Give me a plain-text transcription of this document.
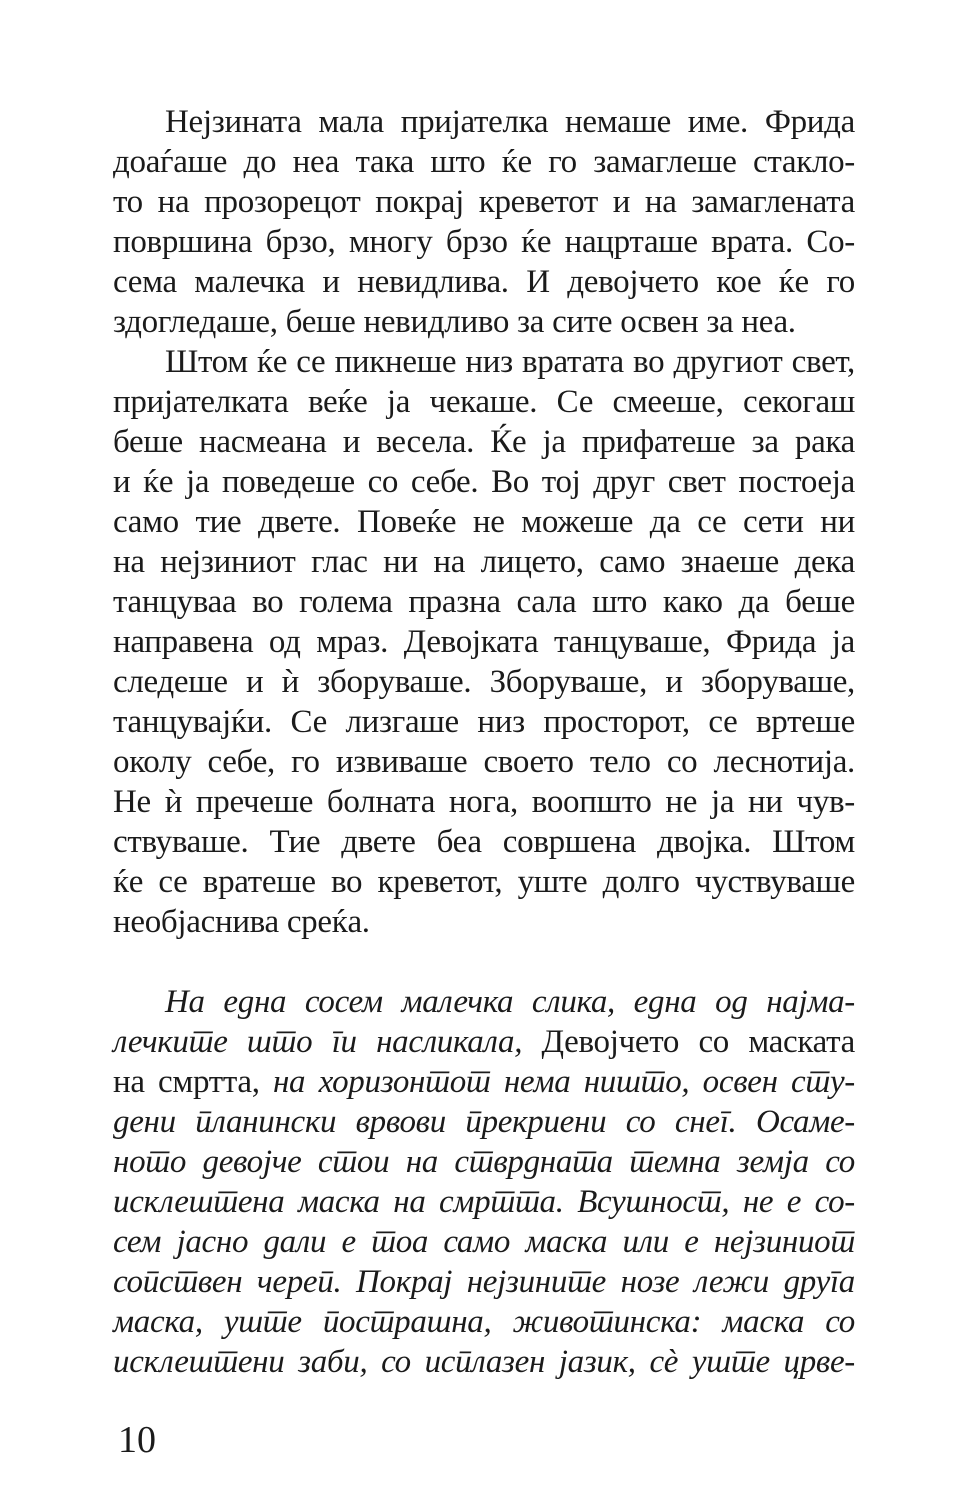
Нејзината мала пријателка немаше име. Фрида
доаѓаше до неа така што ќе го замаглеше стакло-
то на прозорецот покрај креветот и на замаглената
површина брзо, многу брзо ќе нацрташе врата. Со-
сема малечка и невидлива. И девојчето кое ќе го
здогледаше, беше невидливо за сите освен за неа.

Штом ќе се пикнеше низ вратата во другиот свет,
пријателката веќе ја чекаше. Се смееше, секогаш
беше насмеана и весела. Ќе ја прифатеше за рака
и ќе ја поведеше со себе. Во тој друг свет постоеја
само тие двете. Повеќе не можеше да се сети ни
на нејзиниот глас ни на лицето, само знаеше дека
танцуваа во голема празна сала што како да беше
направена од мраз. Девојката танцуваше, Фрида ја
следеше и ѝ зборуваше. Зборуваше, и зборуваше,
танцувајќи. Се лизгаше низ просторот, се вртеше
околу себе, го извиваше своето тело со леснотија.
Не ѝ пречеше болната нога, воопшто не ја ни чув-
ствуваше. Тие двете беа совршена двојка. Штом
ќе се вратеше во креветот, уште долго чуствуваше
необјаснива среќа.

На една сосем малечка слика, една од најма-
лечките што ги насликала, Девојчето со маската
на смртта, на хоризонтот нема ништо, освен сту-
дени планински врвови прекриени со снег. Осаме-
ното девојче стои на стврдната темна земја со
исклештена маска на смртта. Всушност, не е со-
сем јасно дали е тоа само маска или е нејзиниот
сопствен череп. Покрај нејзините нозе лежи друга
маска, уште пострашна, животинска: маска со
исклештени заби, со исплазен јазик, сѐ уште црве-

10
